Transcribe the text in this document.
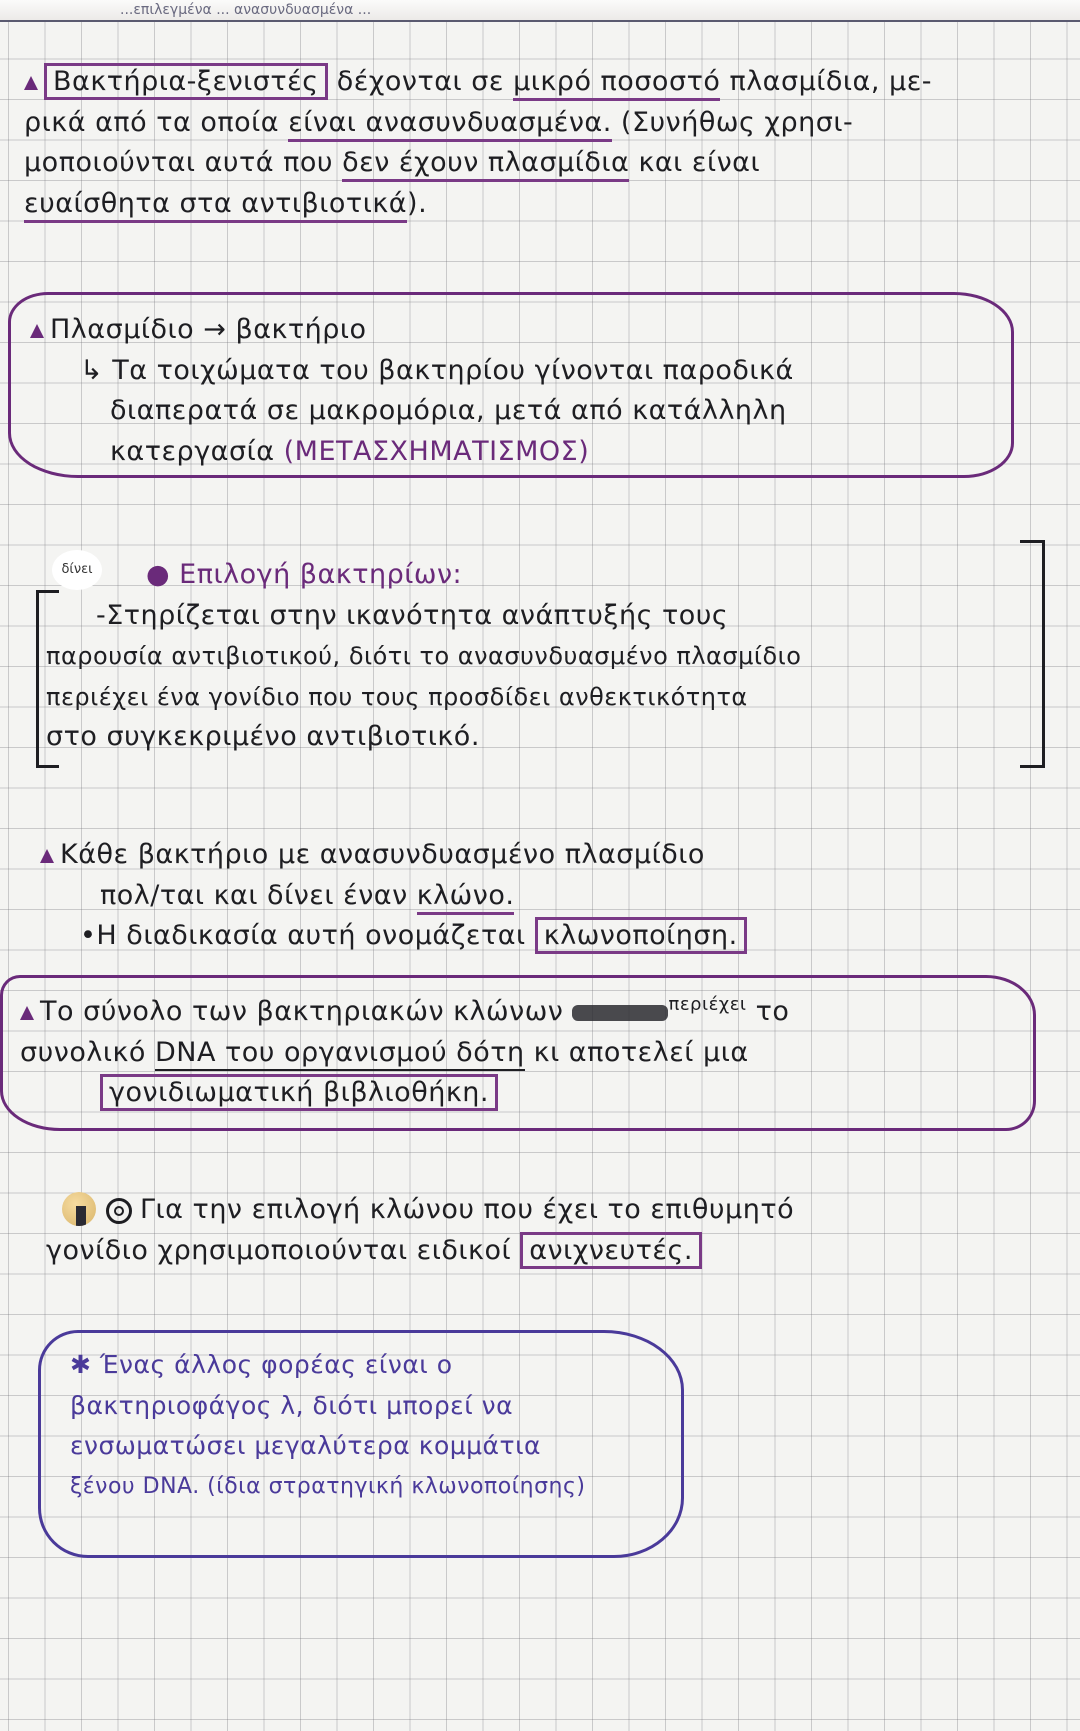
...επιλεγμένα ... ανασυνδυασμένα ...
Βακτήρια-ξενιστές δέχονται σε μικρό ποσοστό πλασμίδια, με-
ρικά από τα οποία είναι ανασυνδυασμένα. (Συνήθως χρησι-
μοποιούνται αυτά που δεν έχουν πλασμίδια και είναι
ευαίσθητα στα αντιβιοτικά).
Πλασμίδιο → βακτήριο
↳ Τα τοιχώματα του βακτηρίου γίνονται παροδικά
διαπερατά σε μακρομόρια, μετά από κατάλληλη
κατεργασία (ΜΕΤΑΣΧΗΜΑΤΙΣΜΟΣ)
δίνει	● Επιλογή βακτηρίων:
-Στηρίζεται στην ικανότητα ανάπτυξής τους
παρουσία αντιβιοτικού, διότι το ανασυνδυασμένο πλασμίδιο
περιέχει ένα γονίδιο που τους προσδίδει ανθεκτικότητα
στο συγκεκριμένο αντιβιοτικό.
Κάθε βακτήριο με ανασυνδυασμένο πλασμίδιο
πολ/ται και δίνει έναν κλώνο.
•Η διαδικασία αυτή ονομάζεται κλωνοποίηση.
Το σύνολο των βακτηριακών κλώνων	$^{\pi\varepsilon\rho\iota έ\chi\varepsilon\iota}$ το
συνολικό DNA του οργανισμού δότη κι αποτελεί μια
γονιδιωματική βιβλιοθήκη.
Για την επιλογή κλώνου που έχει το επιθυμητό
γονίδιο χρησιμοποιούνται ειδικοί ανιχνευτές.
✱ Ένας άλλος φορέας είναι ο
βακτηριοφάγος λ, διότι μπορεί να
ενσωματώσει μεγαλύτερα κομμάτια
ξένου DNA. (ίδια στρατηγική κλωνοποίησης)
